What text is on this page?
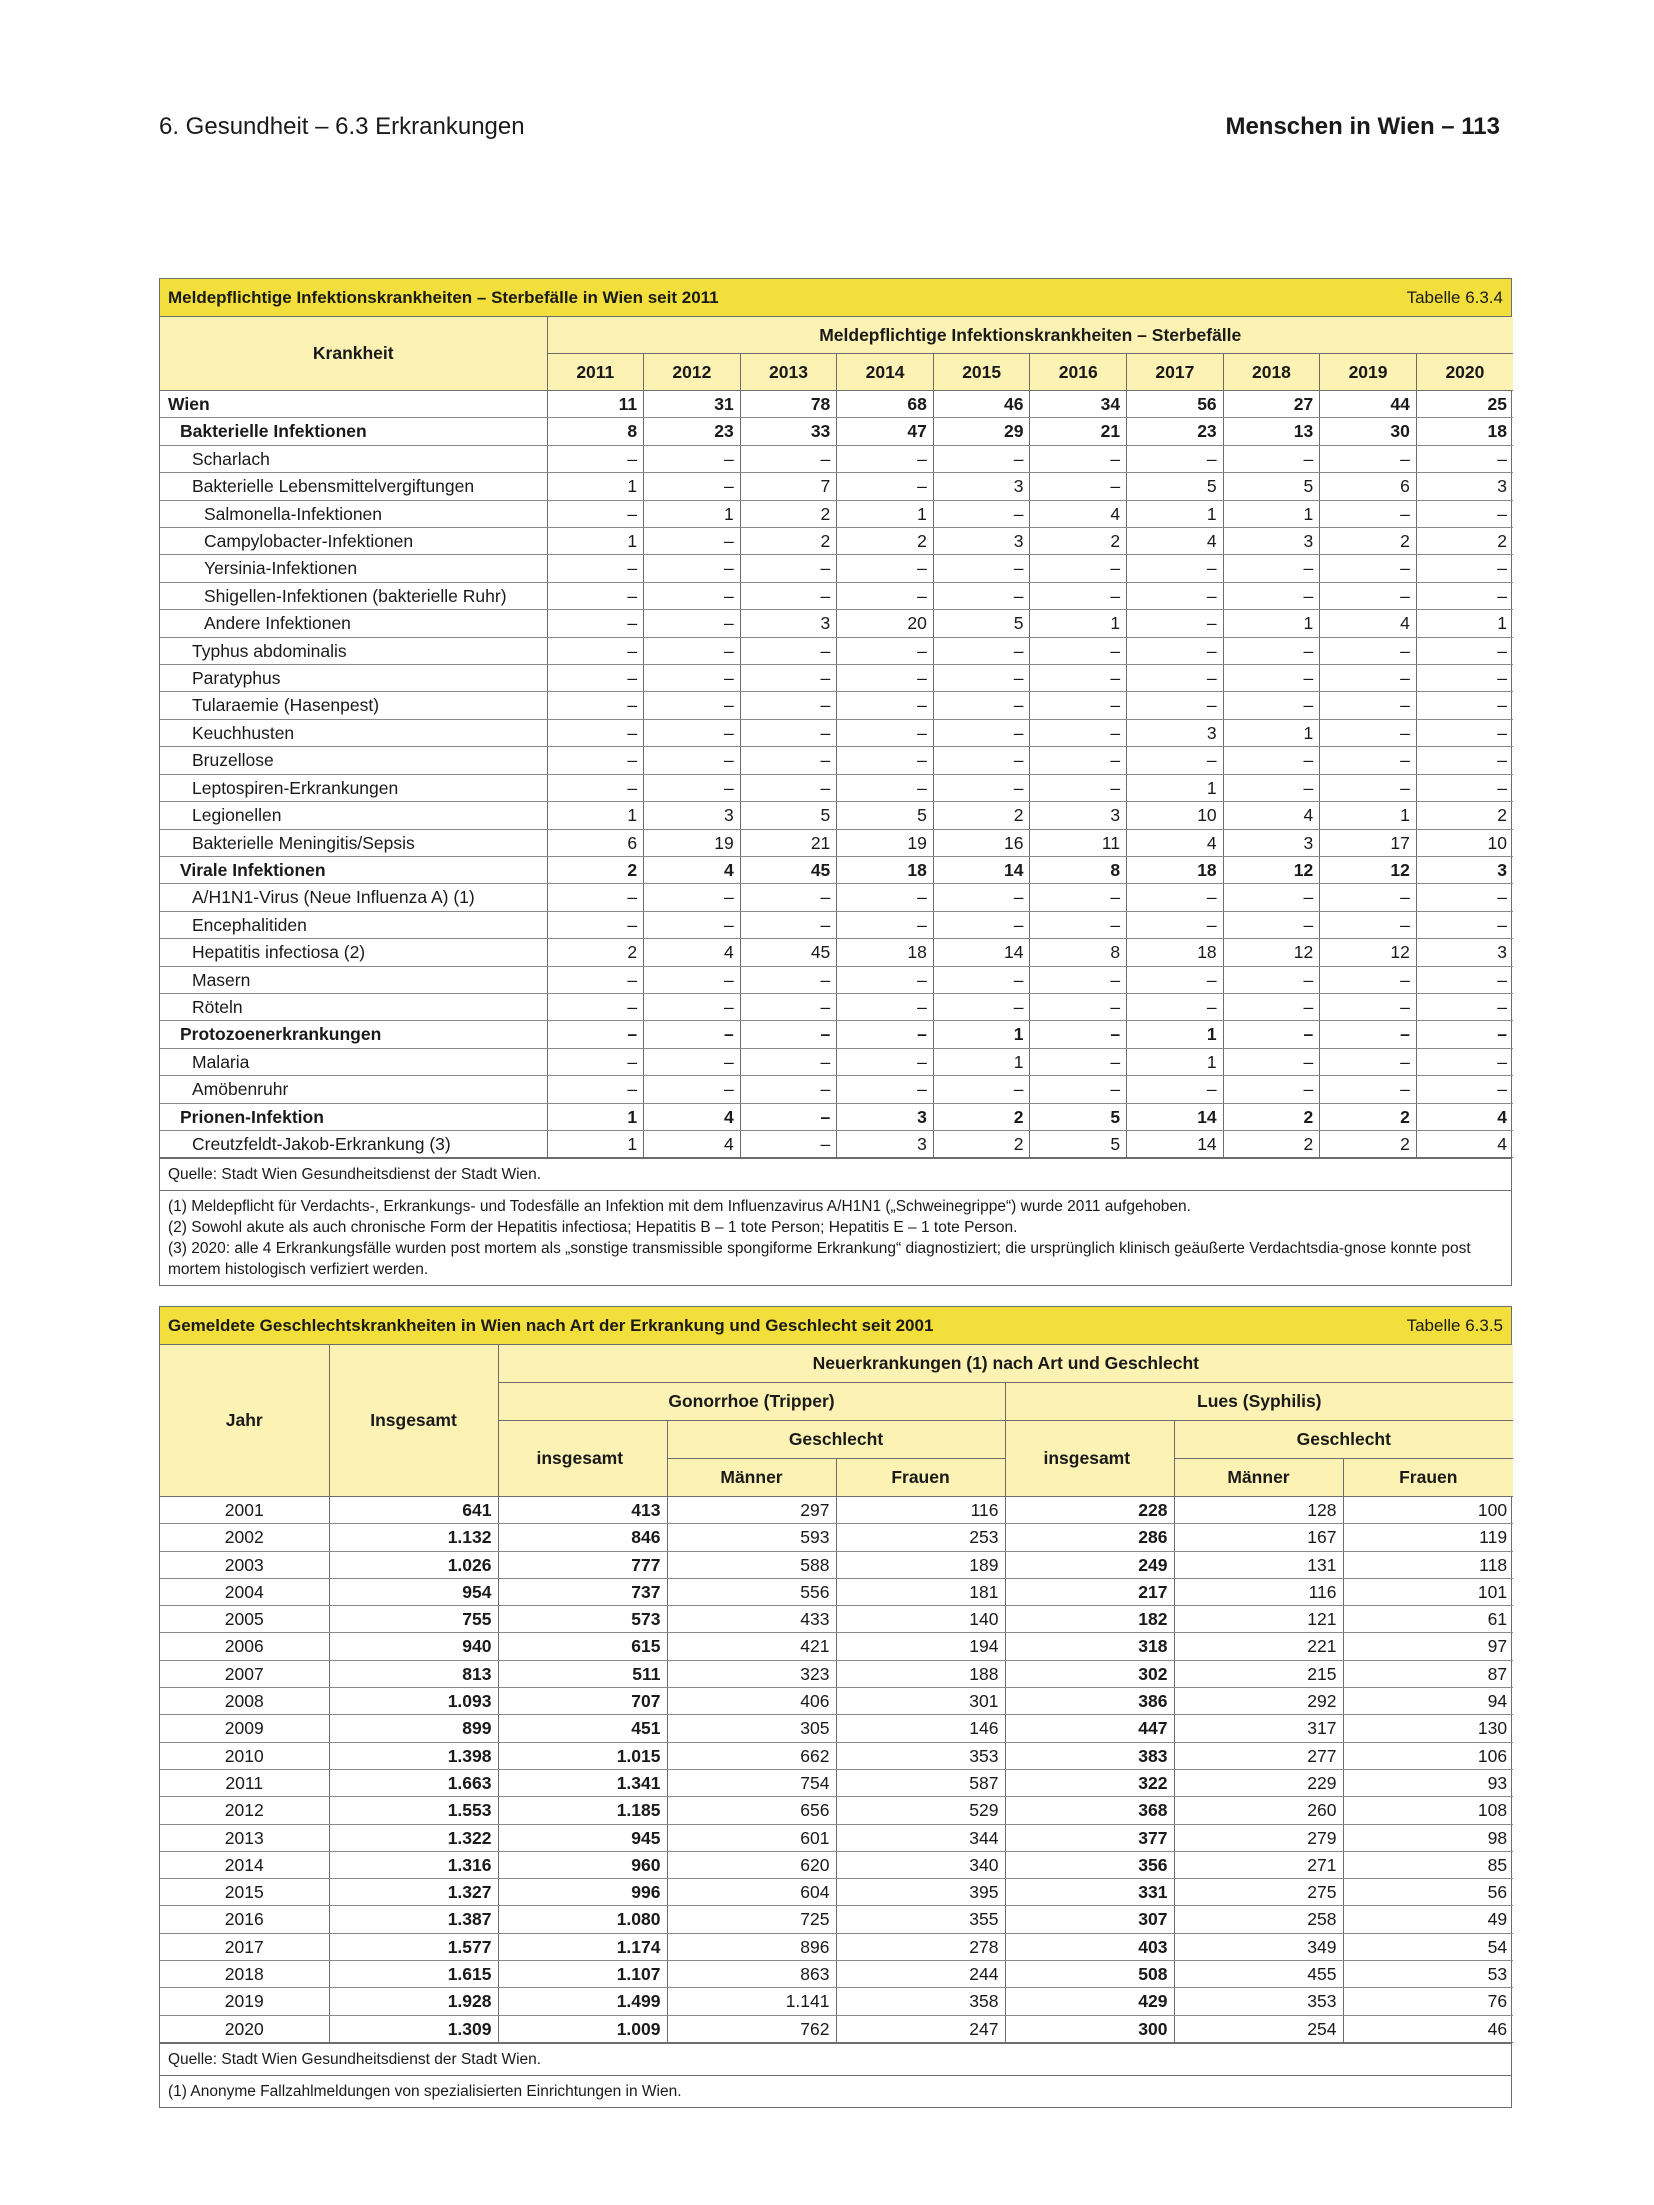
6. Gesundheit – 6.3 Erkrankungen	Menschen in Wien – 113
Meldepflichtige Infektionskrankheiten – Sterbefälle in Wien seit 2011	Tabelle 6.3.4
Krankheit	Meldepflichtige Infektionskrankheiten – Sterbefälle									
	2011	2012	2013	2014	2015	2016	2017	2018	2019	2020
Wien	11	31	78	68	46	34	56	27	44	25
Bakterielle Infektionen	8	23	33	47	29	21	23	13	30	18
Scharlach	–	–	–	–	–	–	–	–	–	–
Bakterielle Lebensmittelvergiftungen	1	–	7	–	3	–	5	5	6	3
Salmonella-Infektionen	–	1	2	1	–	4	1	1	–	–
Campylobacter-Infektionen	1	–	2	2	3	2	4	3	2	2
Yersinia-Infektionen	–	–	–	–	–	–	–	–	–	–
Shigellen-Infektionen (bakterielle Ruhr)	–	–	–	–	–	–	–	–	–	–
Andere Infektionen	–	–	3	20	5	1	–	1	4	1
Typhus abdominalis	–	–	–	–	–	–	–	–	–	–
Paratyphus	–	–	–	–	–	–	–	–	–	–
Tularaemie (Hasenpest)	–	–	–	–	–	–	–	–	–	–
Keuchhusten	–	–	–	–	–	–	3	1	–	–
Bruzellose	–	–	–	–	–	–	–	–	–	–
Leptospiren-Erkrankungen	–	–	–	–	–	–	1	–	–	–
Legionellen	1	3	5	5	2	3	10	4	1	2
Bakterielle Meningitis/Sepsis	6	19	21	19	16	11	4	3	17	10
Virale Infektionen	2	4	45	18	14	8	18	12	12	3
A/H1N1-Virus (Neue Influenza A) (1)	–	–	–	–	–	–	–	–	–	–
Encephalitiden	–	–	–	–	–	–	–	–	–	–
Hepatitis infectiosa (2)	2	4	45	18	14	8	18	12	12	3
Masern	–	–	–	–	–	–	–	–	–	–
Röteln	–	–	–	–	–	–	–	–	–	–
Protozoenerkrankungen	–	–	–	–	1	–	1	–	–	–
Malaria	–	–	–	–	1	–	1	–	–	–
Amöbenruhr	–	–	–	–	–	–	–	–	–	–
Prionen-Infektion	1	4	–	3	2	5	14	2	2	4
Creutzfeldt-Jakob-Erkrankung (3)	1	4	–	3	2	5	14	2	2	4
Quelle: Stadt Wien Gesundheitsdienst der Stadt Wien.
(1) Meldepflicht für Verdachts-, Erkrankungs- und Todesfälle an Infektion mit dem Influenzavirus A/H1N1 („Schweinegrippe“) wurde 2011 aufgehoben.
(2) Sowohl akute als auch chronische Form der Hepatitis infectiosa; Hepatitis B – 1 tote Person; Hepatitis E – 1 tote Person.
(3) 2020: alle 4 Erkrankungsfälle wurden post mortem als „sonstige transmissible spongiforme Erkrankung“ diagnostiziert; die ursprünglich klinisch geäußerte Verdachtsdia-gnose konnte post mortem histologisch verfiziert werden.
Gemeldete Geschlechtskrankheiten in Wien nach Art der Erkrankung und Geschlecht seit 2001	Tabelle 6.3.5
Jahr	Insgesamt	Neuerkrankungen (1) nach Art und Geschlecht					
		Gonorrhoe (Tripper)			Lues (Syphilis)		
		insgesamt	Geschlecht		insgesamt	Geschlecht	
			Männer	Frauen		Männer	Frauen
2001	641	413	297	116	228	128	100
2002	1.132	846	593	253	286	167	119
2003	1.026	777	588	189	249	131	118
2004	954	737	556	181	217	116	101
2005	755	573	433	140	182	121	61
2006	940	615	421	194	318	221	97
2007	813	511	323	188	302	215	87
2008	1.093	707	406	301	386	292	94
2009	899	451	305	146	447	317	130
2010	1.398	1.015	662	353	383	277	106
2011	1.663	1.341	754	587	322	229	93
2012	1.553	1.185	656	529	368	260	108
2013	1.322	945	601	344	377	279	98
2014	1.316	960	620	340	356	271	85
2015	1.327	996	604	395	331	275	56
2016	1.387	1.080	725	355	307	258	49
2017	1.577	1.174	896	278	403	349	54
2018	1.615	1.107	863	244	508	455	53
2019	1.928	1.499	1.141	358	429	353	76
2020	1.309	1.009	762	247	300	254	46
Quelle: Stadt Wien Gesundheitsdienst der Stadt Wien.
(1) Anonyme Fallzahlmeldungen von spezialisierten Einrichtungen in Wien.
